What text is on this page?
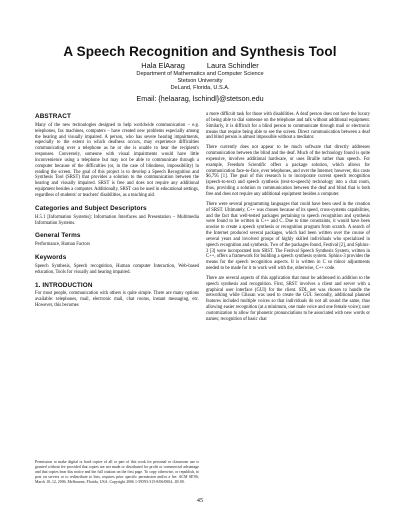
A Speech Recognition and Synthesis Tool
Hala ElAarag	Laura Schindler
Department of Mathematics and Computer Science
Stetson University
DeLand, Florida, U.S.A.
Email: {helaarag, lschindl}@stetson.edu
ABSTRACT

Many of the new technologies designed to help worldwide communication – e.g. telephones, fax machines, computers – have created new problems especially among the hearing and visually impaired. A person, who has severe hearing impairments, especially to the extent in which deafness occurs, may experience difficulties communicating over a telephone as he or she is unable to hear the recipient's responses. Conversely, someone with visual impairments would have little inconvenience using a telephone but may not be able to communicate through a computer because of the difficulties (or, in the case of blindness, impossibility) in reading the screen. The goal of this project is to develop a Speech Recognition and Synthesis Tool (SRST) that provides a solution to the communication between the hearing and visually impaired. SRST is free and does not require any additional equipment besides a computer. Additionally, SRST can be used in educational settings, regardless of students' or teachers' disabilities, as a teaching aid.

Categories and Subject Descriptors

H.5.1 [Information Systems]: Information Interfaces and Presentation – Multimedia Information Systems.

General Terms

Performance, Human Factors

Keywords

Speech Synthesis, Speech recognition, Human computer Interaction, Web-based education, Tools for visually and hearing impaired.

1. INTRODUCTION

For most people, communication with others is quite simple. There are many options available: telephones, mail, electronic mail, chat rooms, instant messaging, etc. However, this becomes

Permission to make digital or hard copies of all or part of this work for personal or classroom use is granted without fee provided that copies are not made or distributed for profit or commercial advantage and that copies bear this notice and the full citation on the first page. To copy otherwise, or republish, to post on servers or to redistribute to lists, requires prior specific permission and/or a fee. ACM SE'06, March 10–12, 2006, Melbourne, Florida, USA. Copyright 2006 1-59593-315-8/06/0004...$5.00.

a more difficult task for those with disabilities. A deaf person does not have the luxury of being able to dial someone on the telephone and talk without additional equipment. Similarly, it is difficult for a blind person to communicate through mail or electronic means that require being able to see the screen. Direct communication between a deaf and blind person is almost impossible without a mediator.

There currently does not appear to be much software that directly addresses communication between the blind and the deaf. Much of the technology found is quite expensive, involves additional hardware, or uses Braille rather than speech. For example, Freedom Scientific offers a package solution, which allows for communication face-to-face, over telephones, and over the Internet; however, this costs $6,795 [1]. The goal of this research is to incorporate current speech recognition (speech-to-text) and speech synthesis (text-to-speech) technology into a chat room, thus, providing a solution to communication between the deaf and blind that is both free and does not require any additional equipment besides a computer.

There were several programming languages that could have been used in the creation of SRST. Ultimately, C++ was chosen because of its speed, cross-systems capabilities, and the fact that well-tested packages pertaining to speech recognition and synthesis were found to be written in C++ and C. Due to time constraints, it would have been unwise to create a speech synthesis or recognition program from scratch. A search of the Internet produced several packages, which had been written over the course of several years and involved groups of highly skilled individuals who specialized in speech recognition and synthesis. Two of the packages found, Festival [2], and Sphinx-3 [3] were incorporated into SRST. The Festival Speech Synthesis System, written in C++, offers a framework for building a speech synthesis system. Sphinx-3 provides the means for the speech recognition aspects. It is written in C so minor adjustments needed to be made for it to work well with the, otherwise, C++ code.

There are several aspects of this application that must be addressed in addition to the speech synthesis and recognition. First, SRST involves a client and server with a graphical user interface (GUI) for the client. SDL_net was chosen to handle the networking while Glissan was used to create the GUI. Secondly, additional planned features included multiple voices so that individuals do not all sound the same, thus allowing easier recognition (at a minimum, one male voice and one female voice); user customization to allow for phonetic pronunciations to be associated with new words or names; recognition of basic chat

45
